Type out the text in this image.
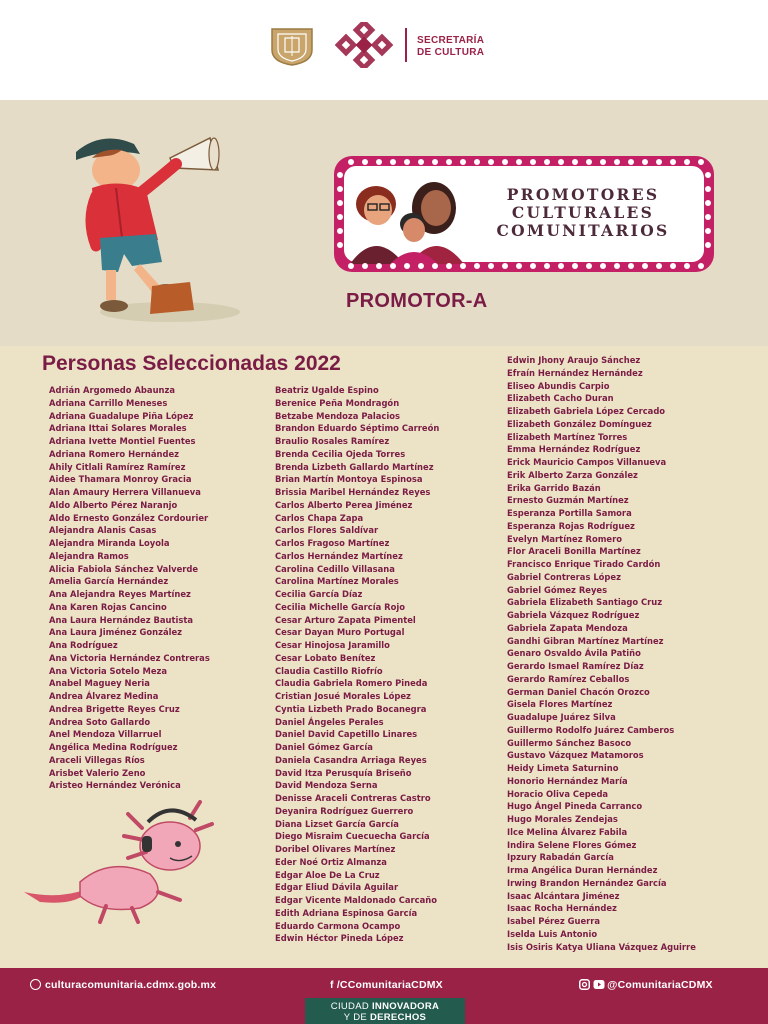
SECRETARÍA
DE CULTURA
PROMOTORES
CULTURALES
COMUNITARIOS
PROMOTOR-A
Personas Seleccionadas 2022
Adrián Argomedo Abaunza
Adriana Carrillo Meneses
Adriana Guadalupe Piña López
Adriana Ittai Solares Morales
Adriana Ivette Montiel Fuentes
Adriana Romero Hernández
Ahily Citlali Ramírez Ramírez
Aidee Thamara Monroy Gracia
Alan Amaury Herrera Villanueva
Aldo Alberto Pérez Naranjo
Aldo Ernesto González Cordourier
Alejandra Alanis Casas
Alejandra Miranda Loyola
Alejandra Ramos
Alicia Fabiola Sánchez Valverde
Amelia García Hernández
Ana Alejandra Reyes Martínez
Ana Karen Rojas Cancino
Ana Laura Hernández Bautista
Ana Laura Jiménez González
Ana Rodríguez
Ana Victoria Hernández Contreras
Ana Victoria Sotelo Meza
Anabel Maguey Neria
Andrea Álvarez Medina
Andrea Brigette Reyes Cruz
Andrea Soto Gallardo
Anel Mendoza Villarruel
Angélica Medina Rodríguez
Araceli Villegas Ríos
Arisbet Valerio Zeno
Aristeo Hernández Verónica
Beatriz Ugalde Espino
Berenice Peña Mondragón
Betzabe Mendoza Palacios
Brandon Eduardo Séptimo Carreón
Braulio Rosales Ramírez
Brenda Cecilia Ojeda Torres
Brenda Lizbeth Gallardo Martínez
Brian Martín Montoya Espinosa
Brissia Maribel Hernández Reyes
Carlos Alberto Perea Jiménez
Carlos Chapa Zapa
Carlos Flores Saldívar
Carlos Fragoso Martínez
Carlos Hernández Martínez
Carolina Cedillo Villasana
Carolina Martínez Morales
Cecilia García Díaz
Cecilia Michelle García Rojo
Cesar Arturo Zapata Pimentel
Cesar Dayan Muro Portugal
Cesar Hinojosa Jaramillo
Cesar Lobato Benítez
Claudia Castillo Riofrío
Claudia Gabriela Romero Pineda
Cristian Josué Morales López
Cyntia Lizbeth Prado Bocanegra
Daniel Ángeles Perales
Daniel David Capetillo Linares
Daniel Gómez García
Daniela Casandra Arriaga Reyes
David Itza Perusquía Briseño
David Mendoza Serna
Denisse Araceli Contreras Castro
Deyanira Rodríguez Guerrero
Diana Lizset García García
Diego Misraim Cuecuecha García
Doribel Olivares Martínez
Eder Noé Ortiz Almanza
Edgar Aloe De La Cruz
Edgar Eliud Dávila Aguilar
Edgar Vicente Maldonado Carcaño
Edith Adriana Espinosa García
Eduardo Carmona Ocampo
Edwin Héctor Pineda López
Edwin Jhony Araujo Sánchez
Efraín Hernández Hernández
Eliseo Abundis Carpio
Elizabeth Cacho Duran
Elizabeth Gabriela López Cercado
Elizabeth González Domínguez
Elizabeth Martínez Torres
Emma Hernández Rodríguez
Erick Mauricio Campos Villanueva
Erik Alberto Zarza González
Erika Garrido Bazán
Ernesto Guzmán Martínez
Esperanza Portilla Samora
Esperanza Rojas Rodríguez
Evelyn Martínez Romero
Flor Araceli Bonilla Martínez
Francisco Enrique Tirado Cardón
Gabriel Contreras López
Gabriel Gómez Reyes
Gabriela Elizabeth Santiago Cruz
Gabriela Vázquez Rodríguez
Gabriela Zapata Mendoza
Gandhi Gibran Martínez Martínez
Genaro Osvaldo Ávila Patiño
Gerardo Ismael Ramírez Díaz
Gerardo Ramírez Ceballos
German Daniel Chacón Orozco
Gisela Flores Martínez
Guadalupe Juárez Silva
Guillermo Rodolfo Juárez Camberos
Guillermo Sánchez Basoco
Gustavo Vázquez Matamoros
Heidy Limeta Saturnino
Honorio Hernández María
Horacio Oliva Cepeda
Hugo Ángel Pineda Carranco
Hugo Morales Zendejas
Ilce Melina Álvarez Fabila
Indira Selene Flores Gómez
Ipzury Rabadán García
Irma Angélica Duran Hernández
Irwing Brandon Hernández García
Isaac Alcántara Jiménez
Isaac Rocha Hernández
Isabel Pérez Guerra
Iselda Luis Antonio
Isis Osiris Katya Uliana Vázquez Aguirre
culturacomunitaria.cdmx.gob.mx	f /CComunitariaCDMX	@ComunitariaCDMX
CIUDAD INNOVADORA
Y DE DERECHOS
